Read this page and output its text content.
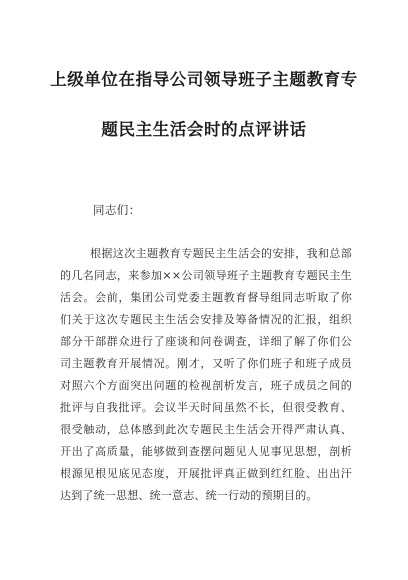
上级单位在指导公司领导班子主题教育专
题民主生活会时的点评讲话
同志们：
根据这次主题教育专题民主生活会的安排，我和总部
的几名同志，来参加××公司领导班子主题教育专题民主生
活会。会前，集团公司党委主题教育督导组同志听取了你
们关于这次专题民主生活会安排及筹备情况的汇报，组织
部分干部群众进行了座谈和问卷调查，详细了解了你们公
司主题教育开展情况。刚才，又听了你们班子和班子成员
对照六个方面突出问题的检视剖析发言，班子成员之间的
批评与自我批评。会议半天时间虽然不长，但很受教育、
很受触动，总体感到此次专题民主生活会开得严肃认真、
开出了高质量，能够做到查摆问题见人见事见思想，剖析
根源见根见底见态度，开展批评真正做到红红脸、出出汗
达到了统一思想、统一意志、统一行动的预期目的。
